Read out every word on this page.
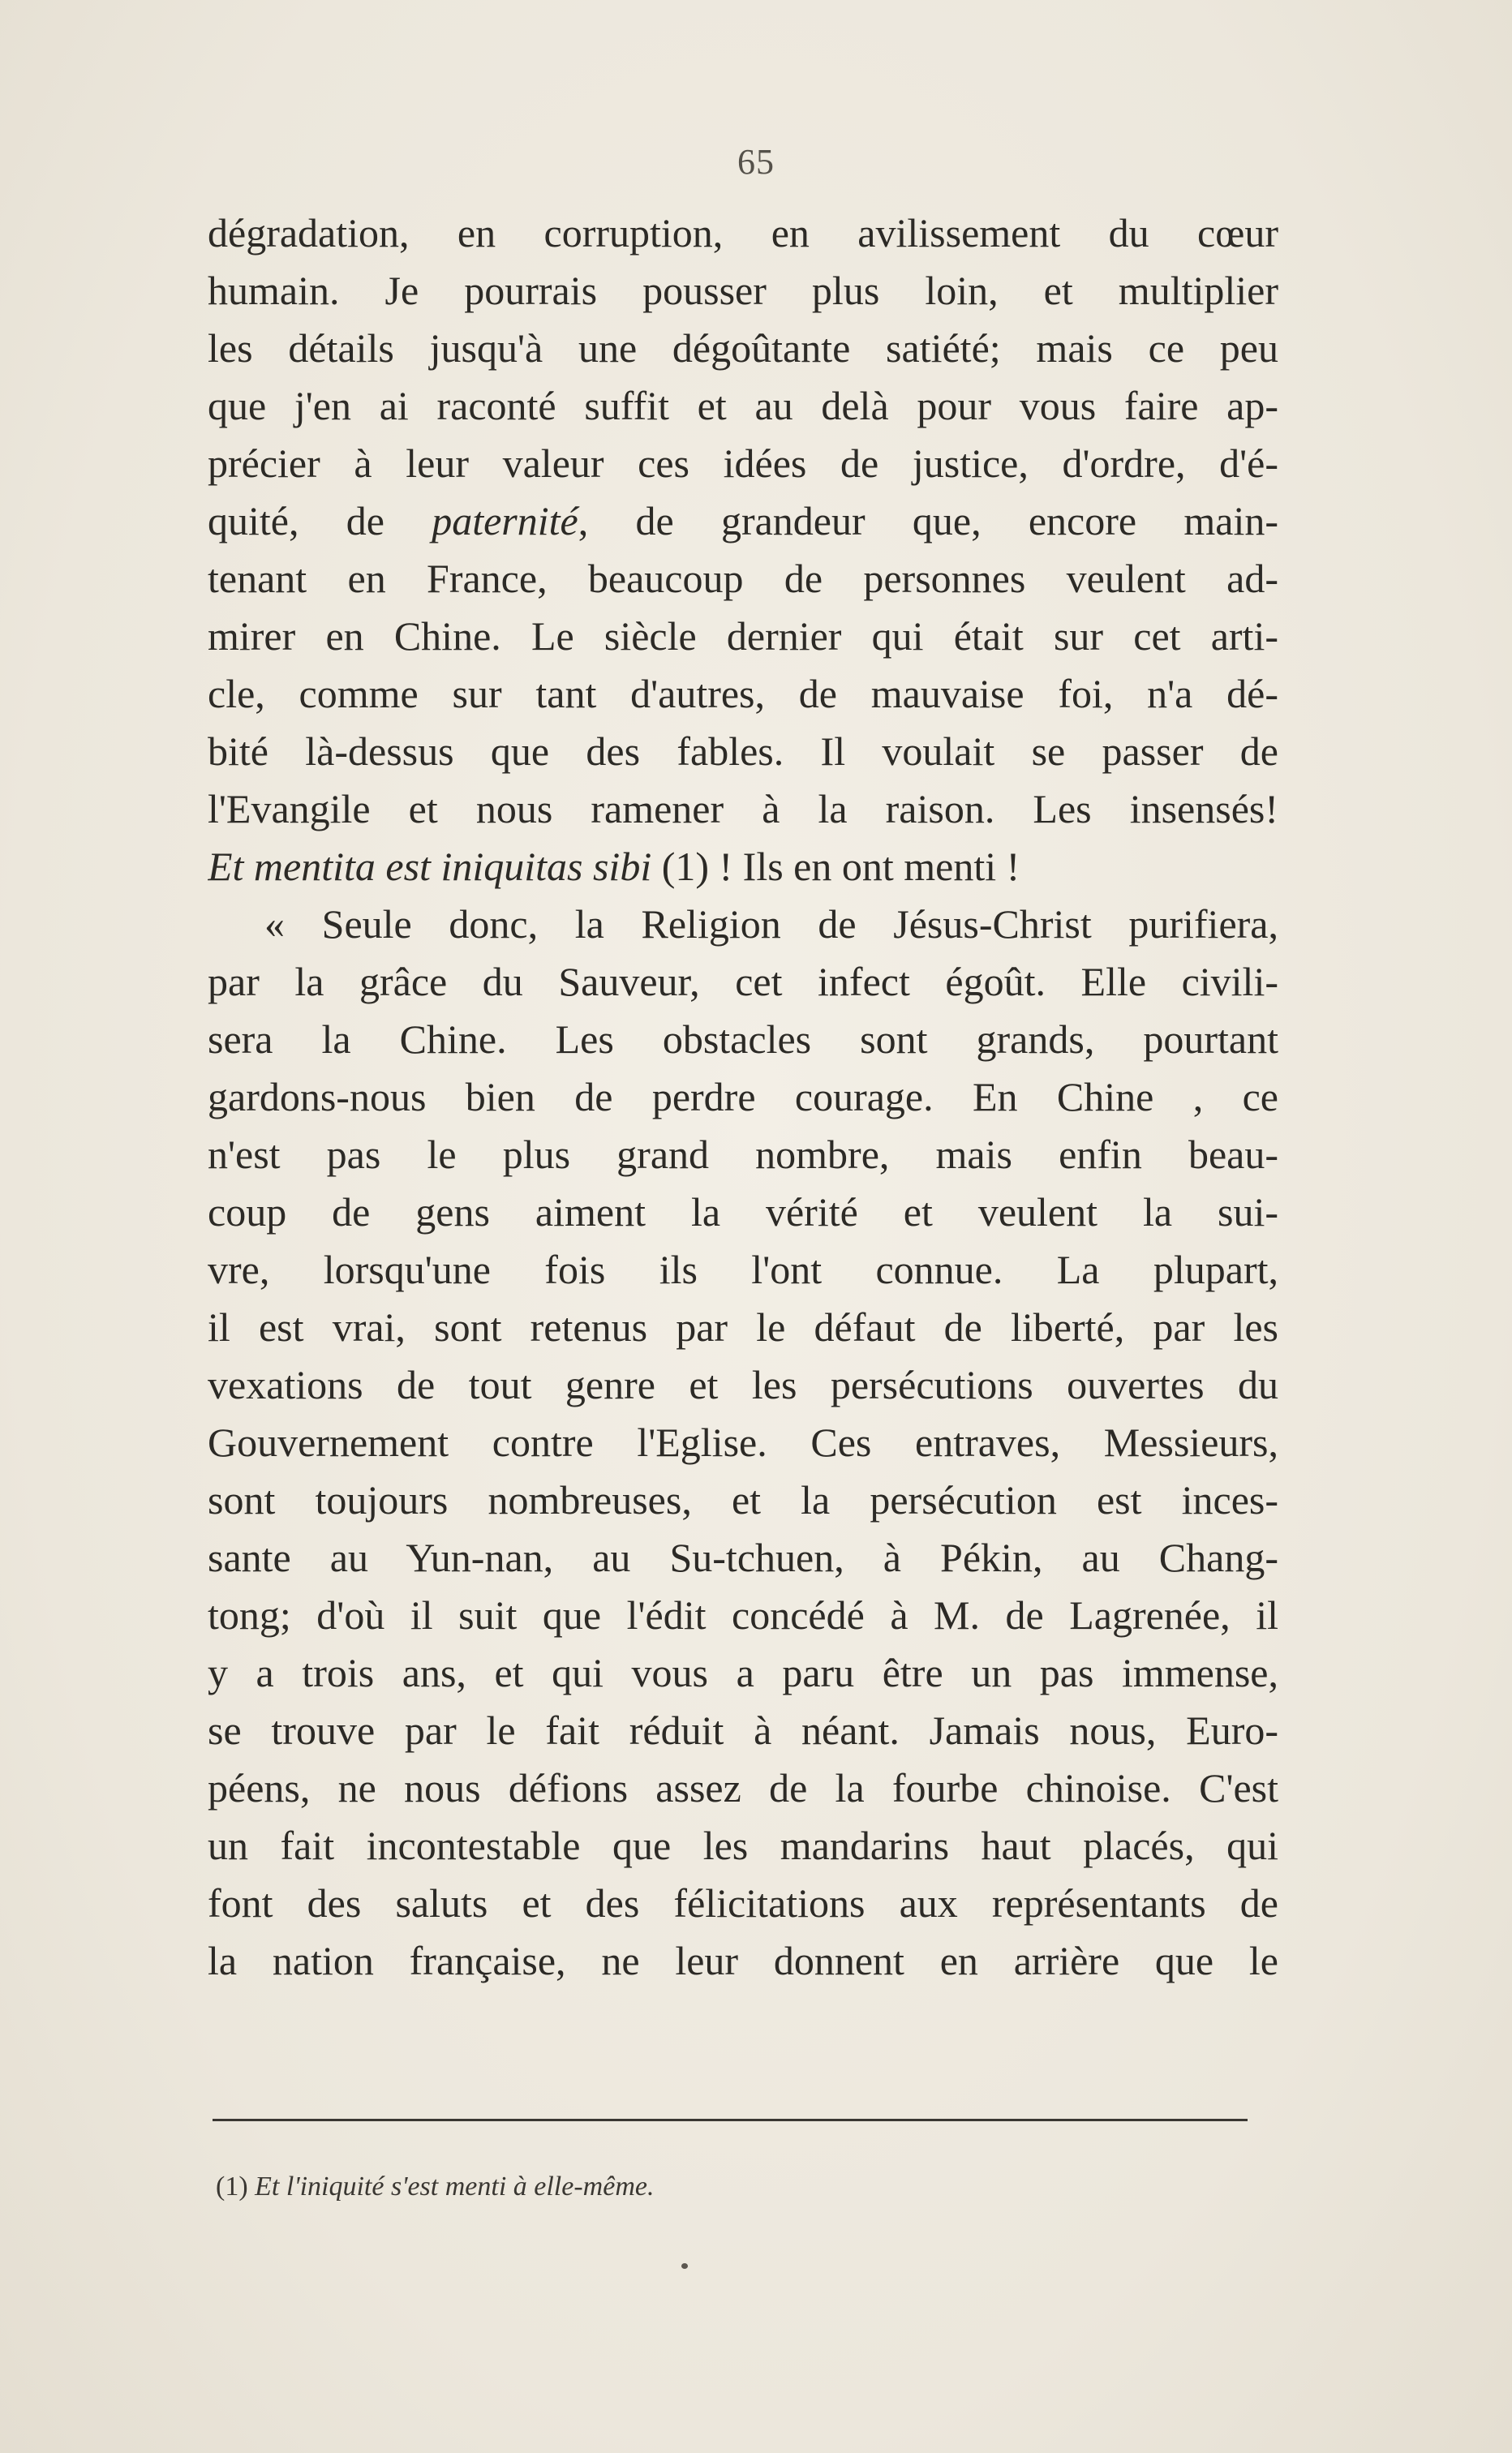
65
dégradation, en corruption, en avilissement du cœur
humain. Je pourrais pousser plus loin, et multiplier
les détails jusqu'à une dégoûtante satiété; mais ce peu
que j'en ai raconté suffit et au delà pour vous faire ap-
précier à leur valeur ces idées de justice, d'ordre, d'é-
quité, de paternité, de grandeur que, encore main-
tenant en France, beaucoup de personnes veulent ad-
mirer en Chine. Le siècle dernier qui était sur cet arti-
cle, comme sur tant d'autres, de mauvaise foi, n'a dé-
bité là-dessus que des fables. Il voulait se passer de
l'Evangile et nous ramener à la raison. Les insensés!
Et mentita est iniquitas sibi (1) ! Ils en ont menti !
« Seule donc, la Religion de Jésus-Christ purifiera,
par la grâce du Sauveur, cet infect égoût. Elle civili-
sera la Chine. Les obstacles sont grands, pourtant
gardons-nous bien de perdre courage. En Chine , ce
n'est pas le plus grand nombre, mais enfin beau-
coup de gens aiment la vérité et veulent la sui-
vre, lorsqu'une fois ils l'ont connue. La plupart,
il est vrai, sont retenus par le défaut de liberté, par les
vexations de tout genre et les persécutions ouvertes du
Gouvernement contre l'Eglise. Ces entraves, Messieurs,
sont toujours nombreuses, et la persécution est inces-
sante au Yun-nan, au Su-tchuen, à Pékin, au Chang-
tong; d'où il suit que l'édit concédé à M. de Lagrenée, il
y a trois ans, et qui vous a paru être un pas immense,
se trouve par le fait réduit à néant. Jamais nous, Euro-
péens, ne nous défions assez de la fourbe chinoise. C'est
un fait incontestable que les mandarins haut placés, qui
font des saluts et des félicitations aux représentants de
la nation française, ne leur donnent en arrière que le
(1) Et l'iniquité s'est menti à elle-même.
